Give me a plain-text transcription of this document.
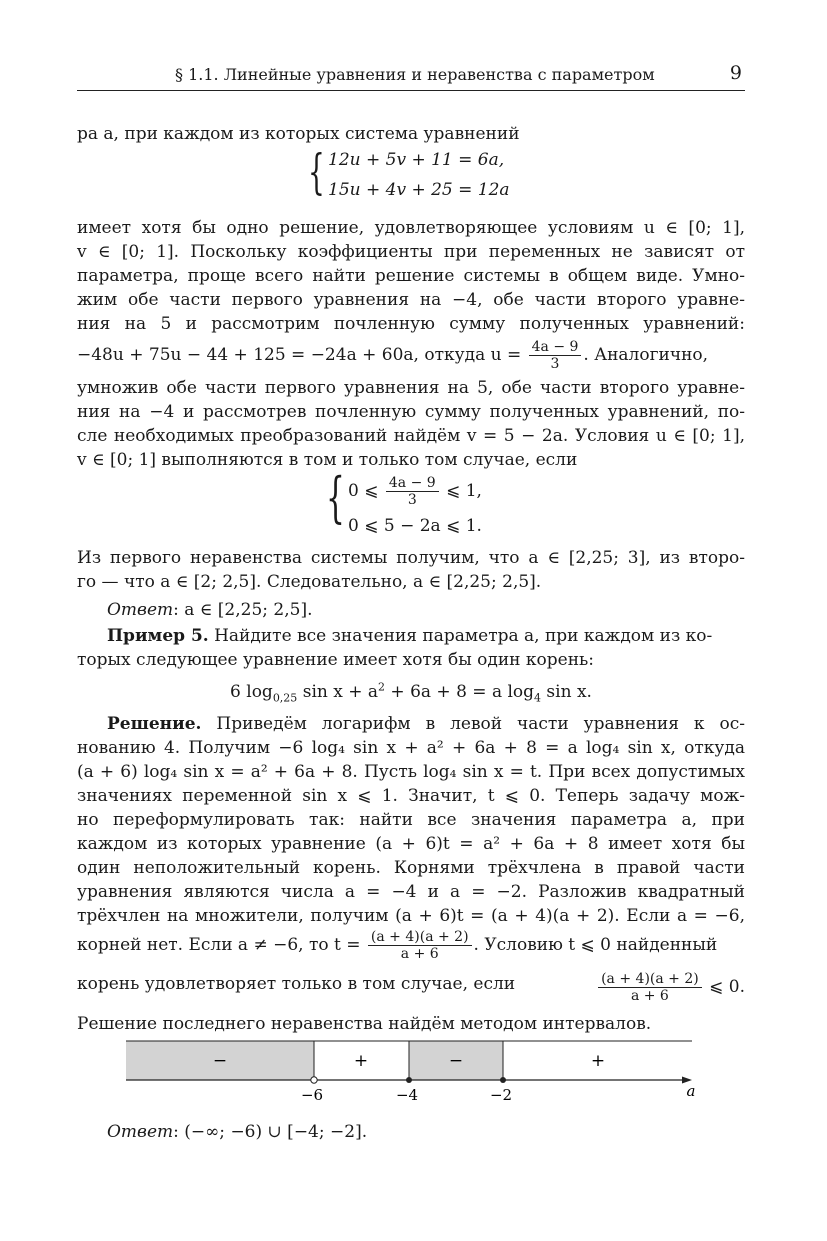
§ 1.1. Линейные уравнения и неравенства с параметром	9
ра a, при каждом из которых система уравнений
{ 12u + 5v + 11 = 6a,
15u + 4v + 25 = 12a
имеет хотя бы одно решение, удовлетворяющее условиям u ∈ [0; 1],
v ∈ [0; 1]. Поскольку коэффициенты при переменных не зависят от
параметра, проще всего найти решение системы в общем виде. Умно-
жим обе части первого уравнения на −4, обе части второго уравне-
ния на 5 и рассмотрим почленную сумму полученных уравнений:
−48u + 75u − 44 + 125 = −24a + 60a, откуда $u = \frac{4a - 9}{3}$ . Аналогично,
умножив обе части первого уравнения на 5, обе части второго уравне-
ния на −4 и рассмотрев почленную сумму полученных уравнений, по-
сле необходимых преобразований найдём v = 5 − 2a. Условия u ∈ [0; 1],
v ∈ [0; 1] выполняются в том и только том случае, если
{ 0 ⩽ $\frac{4a - 9}{3}$ ⩽ 1,
0 ⩽ 5 − 2a ⩽ 1.
Из первого неравенства системы получим, что a ∈ [2,25; 3], из второ-
го — что a ∈ [2; 2,5]. Следовательно, a ∈ [2,25; 2,5].
Ответ: a ∈ [2,25; 2,5].
Пример 5. Найдите все значения параметра a, при каждом из ко-
торых следующее уравнение имеет хотя бы один корень:
6 $\log_{0,25} \sin x + a^2 + 6a + 8 = a$ $\log_4 \sin x$.
Решение. Приведём логарифм в левой части уравнения к ос-
нованию 4. Получим −6 log₄ sin x + a² + 6a + 8 = a log₄ sin x, откуда
(a + 6) log₄ sin x = a² + 6a + 8. Пусть log₄ sin x = t. При всех допустимых
значениях переменной sin x ⩽ 1. Значит, t ⩽ 0. Теперь задачу мож-
но переформулировать так: найти все значения параметра a, при
каждом из которых уравнение (a + 6)t = a² + 6a + 8 имеет хотя бы
один неположительный корень. Корнями трёхчлена в правой части
уравнения являются числа a = −4 и a = −2. Разложив квадратный
трёхчлен на множители, получим (a + 6)t = (a + 4)(a + 2). Если a = −6,
корней нет. Если a ≠ −6, то $t = \frac{(a + 4)(a + 2)}{a + 6}$ . Условию t ⩽ 0 найденный
корень удовлетворяет только в том случае, если	$\frac{(a + 4)(a + 2)}{a + 6}$ ⩽ 0.
Решение последнего неравенства найдём методом интервалов.
−	+	−	+
−6	−4	−2	a
Ответ: (−∞; −6) ∪ [−4; −2].
